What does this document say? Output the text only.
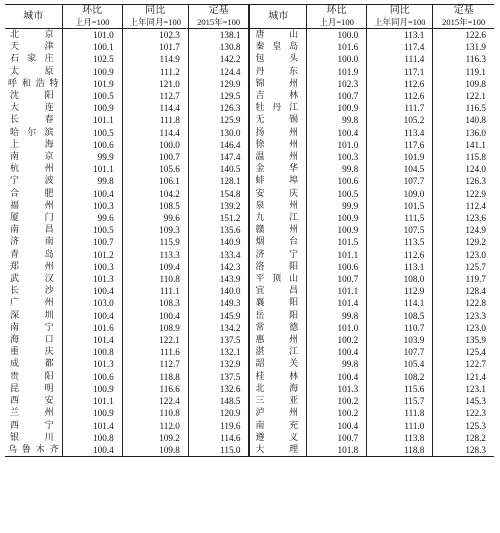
城市	环比	同比	定基	城市	环比	同比	定基
	上月=100	上年同月=100	2015年=100		上月=100	上年同月=100	2015年=100
北京	101.0	102.3	138.1	唐山	100.0	113.1	122.6
天津	100.1	101.7	130.8	秦皇岛	101.6	117.4	131.9
石家庄	102.5	114.9	142.2	包头	100.0	111.4	116.3
太原	100.9	111.2	124.4	丹东	101.9	117.1	119.1
呼和浩特	101.9	121.0	129.9	锦州	102.3	112.6	109.8
沈阳	100.5	112.7	129.5	吉林	100.7	112.6	122.1
大连	100.9	114.4	126.3	牡丹江	100.9	111.7	116.5
长春	101.1	111.8	125.9	无锡	99.8	105.2	140.8
哈尔滨	100.5	114.4	130.0	扬州	100.4	113.4	136.0
上海	100.6	100.0	146.4	徐州	101.0	117.6	141.1
南京	99.9	100.7	147.4	温州	100.3	101.9	115.8
杭州	101.1	105.6	140.5	金华	99.8	104.5	124.0
宁波	99.8	106.1	128.1	蚌埠	100.6	107.7	126.3
合肥	100.4	104.2	154.8	安庆	100.5	109.0	122.9
福州	100.3	108.5	139.2	泉州	99.9	101.5	112.4
厦门	99.6	99.6	151.2	九江	100.9	111.5	123.6
南昌	100.5	109.3	135.6	赣州	100.9	107.5	124.9
济南	100.7	115.9	140.9	烟台	101.5	113.5	129.2
青岛	101.2	113.3	133.4	济宁	101.1	112.6	123.0
郑州	100.3	109.4	142.3	洛阳	100.6	113.1	125.7
武汉	101.3	110.8	143.9	平顶山	100.7	108.0	119.7
长沙	100.4	111.1	140.0	宜昌	101.1	112.9	128.4
广州	103.0	108.3	149.3	襄阳	101.4	114.1	122.8
深圳	100.4	100.4	145.9	岳阳	99.8	108.5	123.3
南宁	101.6	108.9	134.2	常德	101.0	110.7	123.0
海口	101.4	122.1	137.5	惠州	100.2	103.9	135.9
重庆	100.8	111.6	132.1	湛江	100.4	107.7	125.4
成都	101.3	112.7	132.9	韶关	99.8	105.4	122.7
贵阳	100.6	118.8	137.5	桂林	100.4	108.2	121.4
昆明	100.9	116.6	132.6	北海	101.3	115.6	123.1
西安	101.1	122.4	148.5	三亚	100.2	115.7	145.3
兰州	100.9	110.8	120.9	泸州	100.2	111.8	122.3
西宁	101.4	112.0	119.6	南充	100.4	111.0	125.3
银川	100.8	109.2	114.6	遵义	100.7	113.8	128.2
乌鲁木齐	100.4	109.8	115.0	大理	101.8	118.8	128.3
